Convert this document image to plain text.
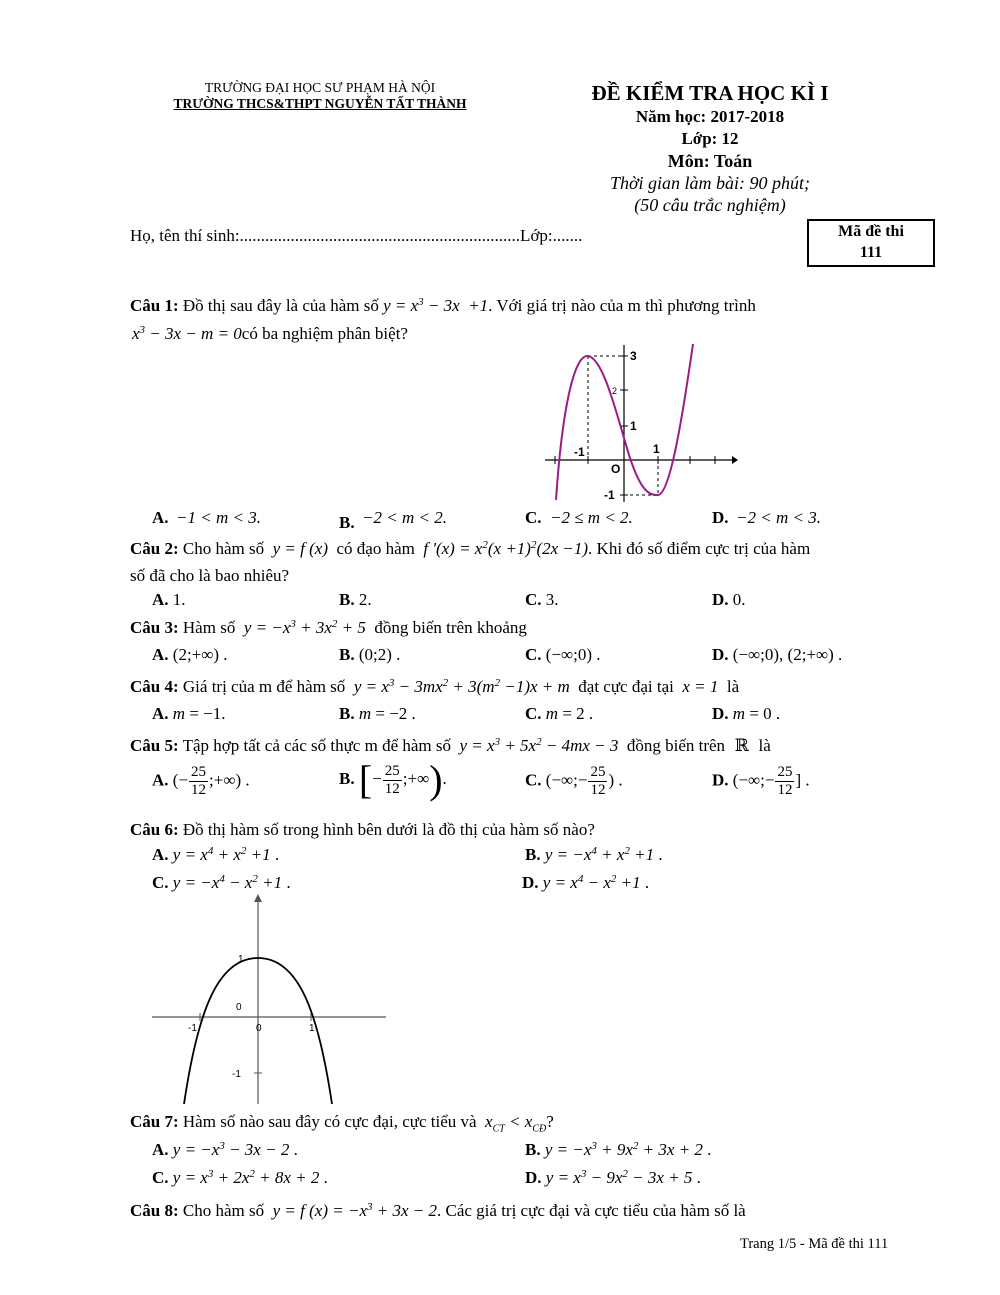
TRƯỜNG ĐẠI HỌC SƯ PHẠM HÀ NỘI
TRƯỜNG THCS&THPT NGUYỄN TẤT THÀNH	ĐỀ KIỂM TRA HỌC KÌ I
Năm học: 2017-2018
Lớp: 12
Môn: Toán
Thời gian làm bài: 90 phút;
(50 câu trắc nghiệm)
Họ, tên thí sinh:..................................................................Lớp:.......	Mã đề thi
111
Câu 1: Đồ thị sau đây là của hàm số $y = x^3 - 3x +1$. Với giá trị nào của m thì phương trình
$x^3 - 3x - m$ = 0có ba nghiệm phân biệt?
3
2
1
-1
-1	1
O
A. −1 < m < 3.	B. −2 < m < 2.	C. −2 ≤ m < 2.	D. −2 < m < 3.
Câu 2: Cho hàm số  y = f (x)  có đạo hàm  f '$(x) = x^2(x +1)^2(2x -1)$. Khi đó số điểm cực trị của hàm
số đã cho là bao nhiêu?
A. 1.	B. 2.	C. 3.	D. 0.
Câu 3: Hàm số  $y = -x^3 + 3x^2 + 5$  đồng biến trên khoảng
A. (2;+∞) .	B. (0;2) .	C. (−∞;0) .	D. (−∞;0), (2;+∞) .
Câu 4: Giá trị của m để hàm số  $y = x^3 - 3mx^2 + 3(m^2 -1)x + m$  đạt cực đại tại  x = 1  là
A. m = −1.	B. m = −2 .	C. m = 2 .	D. m = 0 .
Câu 5: Tập hợp tất cả các số thực m để hàm số  $y = x^3 + 5x^2 - 4mx - 3$  đồng biến trên  ℝ  là
A. (− $\frac{25}{12}$ ;+∞) .	B. [− $\frac{25}{12}$ ;+∞).	C. (−∞;− $\frac{25}{12}$ ) .	D. (−∞;− $\frac{25}{12}$ ] .
Câu 6: Đồ thị hàm số trong hình bên dưới là đồ thị của hàm số nào?
A. $y = x^4 + x^2 +1$ .	B. $y = -x^4 + x^2 +1$ .
C. $y = -x^4 - x^2 +1$ .	D. $y = x^4 - x^2 +1$ .
1
0
-1
-1	0	1
Câu 7: Hàm số nào sau đây có cực đại, cực tiểu và  $x_{CT} < x_{CĐ}$?
A. $y = -x^3 - 3x - 2$ .	B. $y = -x^3 + 9x^2 + 3x + 2$ .
C. $y = x^3 + 2x^2 + 8x + 2$ .	D. $y = x^3 - 9x^2 - 3x + 5$ .
Câu 8: Cho hàm số  y = f $(x) = -x^3 + 3x - 2$. Các giá trị cực đại và cực tiểu của hàm số là
Trang 1/5 - Mã đề thi 111
